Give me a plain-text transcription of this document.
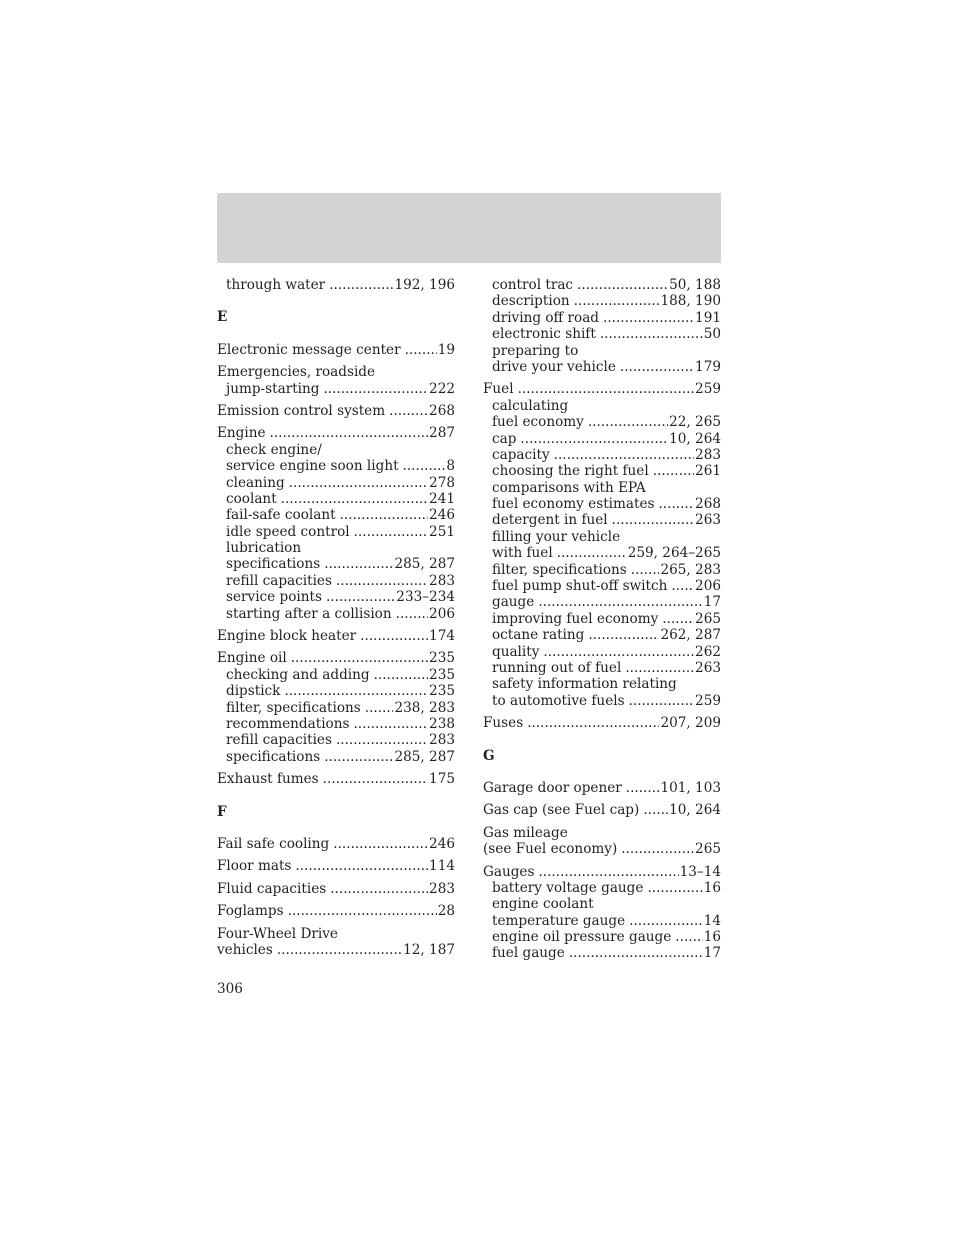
through water .....	192, 196
E
Electronic message center .....	19
Emergencies, roadside
jump-starting .....	222
Emission control system .....	268
Engine .....	287
check engine/
service engine soon light .....	8
cleaning .....	278
coolant .....	241
fail-safe coolant .....	246
idle speed control .....	251
lubrication
specifications .....	285, 287
refill capacities .....	283
service points .....	233–234
starting after a collision .....	206
Engine block heater .....	174
Engine oil .....	235
checking and adding .....	235
dipstick .....	235
filter, specifications ..... 238, 283
recommendations .....	238
refill capacities .....	283
specifications .....	285, 287
Exhaust fumes .....	175
F
Fail safe cooling .....	246
Floor mats .....	114
Fluid capacities .....	283
Foglamps .....	28
Four-Wheel Drive
vehicles .....	12, 187
control trac .....	50, 188
description .....	188, 190
driving off road .....	191
electronic shift .....	50
preparing to
drive your vehicle .....	179
Fuel .....	259
calculating
fuel economy .....	22, 265
cap .....	10, 264
capacity .....	283
choosing the right fuel .....	261
comparisons with EPA
fuel economy estimates .....	268
detergent in fuel .....	263
filling your vehicle
with fuel .....	259, 264–265
filter, specifications ..... 265, 283
fuel pump shut-off switch ..... 206
gauge .....	17
improving fuel economy .....	265
octane rating .....	262, 287
quality .....	262
running out of fuel .....	263
safety information relating
to automotive fuels .....	259
Fuses .....	207, 209
G
Garage door opener .....	101, 103
Gas cap (see Fuel cap) ..... 10, 264
Gas mileage
(see Fuel economy) .....	265
Gauges .....	13–14
battery voltage gauge .....	16
engine coolant
temperature gauge .....	14
engine oil pressure gauge ..... 16
fuel gauge .....	17
306
